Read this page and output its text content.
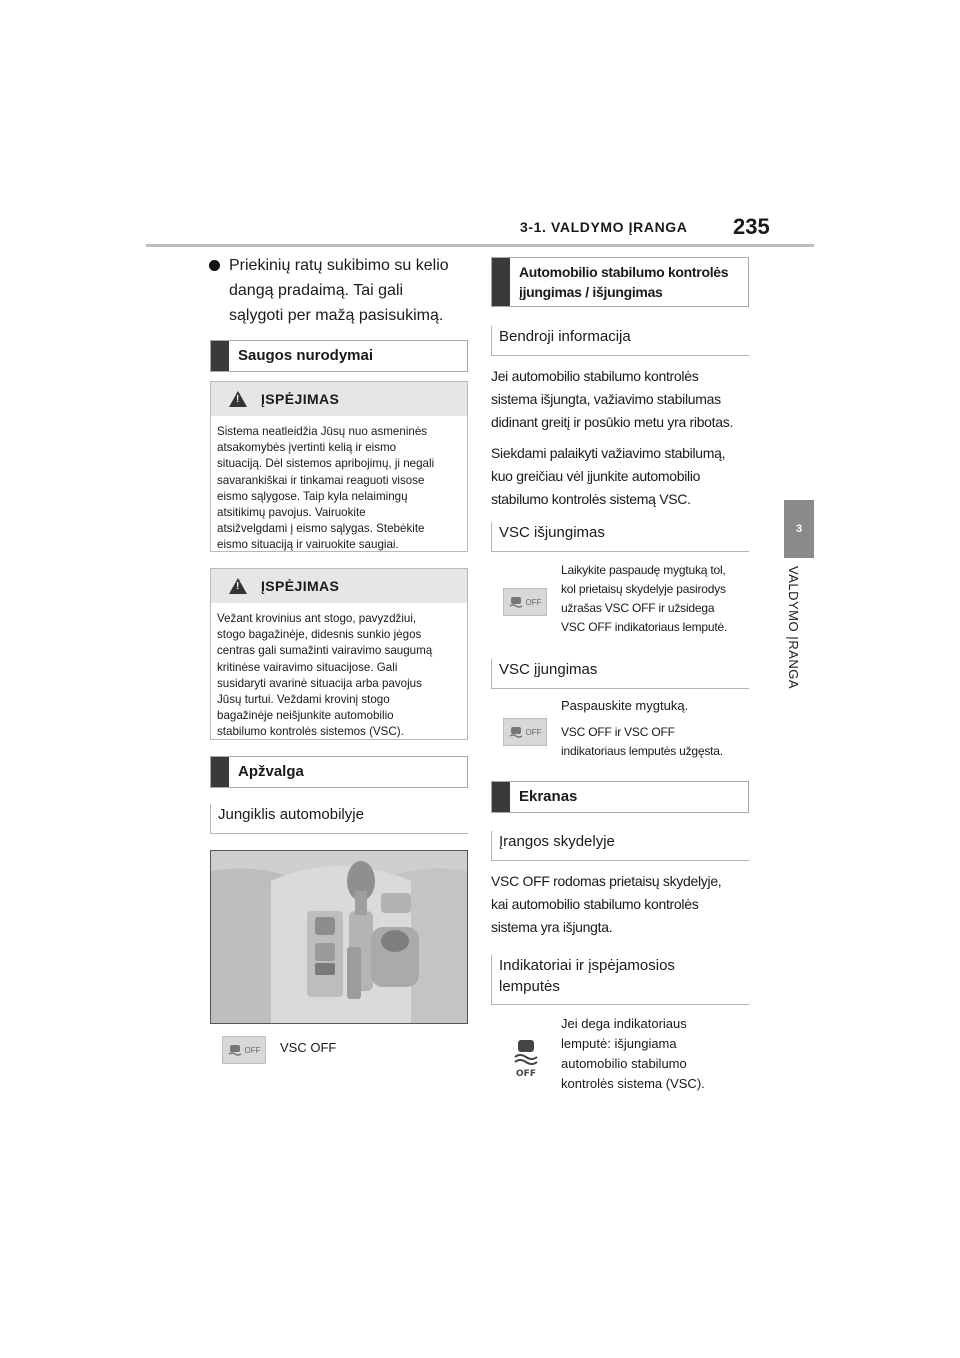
3-1. VALDYMO ĮRANGA 235
3
VALDYMO ĮRANGA
Priekinių ratų sukibimo su kelio
dangą pradaimą. Tai gali
sąlygoti per mažą pasisukimą.
Saugos nurodymai
!
ĮSPĖJIMAS
Sistema neatleidžia Jūsų nuo asmeninės
atsakomybės įvertinti kelią ir eismo
situaciją. Dėl sistemos apribojimų, ji negali
savarankiškai ir tinkamai reaguoti visose
eismo sąlygose. Taip kyla nelaimingų
atsitikimų pavojus. Vairuokite
atsižvelgdami į eismo sąlygas. Stebėkite
eismo situaciją ir vairuokite saugiai.
!
ĮSPĖJIMAS
Vežant krovinius ant stogo, pavyzdžiui,
stogo bagažinėje, didesnis sunkio jėgos
centras gali sumažinti vairavimo saugumą
kritinėse vairavimo situacijose. Gali
susidaryti avarinė situacija arba pavojus
Jūsų turtui. Veždami krovinį stogo
bagažinėje neišjunkite automobilio
stabilumo kontrolės sistemos (VSC).
Apžvalga
Jungiklis automobilyje
OFF VSC OFF
Automobilio stabilumo kontrolės
įjungimas / išjungimas
Bendroji informacija
Jei automobilio stabilumo kontrolės
sistema išjungta, važiavimo stabilumas
didinant greitį ir posūkio metu yra ribotas.
Siekdami palaikyti važiavimo stabilumą,
kuo greičiau vėl įjunkite automobilio
stabilumo kontrolės sistemą VSC.
VSC išjungimas
OFF
Laikykite paspaudę mygtuką tol,
kol prietaisų skydelyje pasirodys
užrašas VSC OFF ir užsidega
VSC OFF indikatoriaus lemputė.
VSC įjungimas
OFF
Paspauskite mygtuką.
VSC OFF ir VSC OFF
indikatoriaus lemputės užgęsta.
Ekranas
Įrangos skydelyje
VSC OFF rodomas prietaisų skydelyje,
kai automobilio stabilumo kontrolės
sistema yra išjungta.
Indikatoriai ir įspėjamosios
lemputės
OFF
Jei dega indikatoriaus
lemputė: išjungiama
automobilio stabilumo
kontrolės sistema (VSC).
